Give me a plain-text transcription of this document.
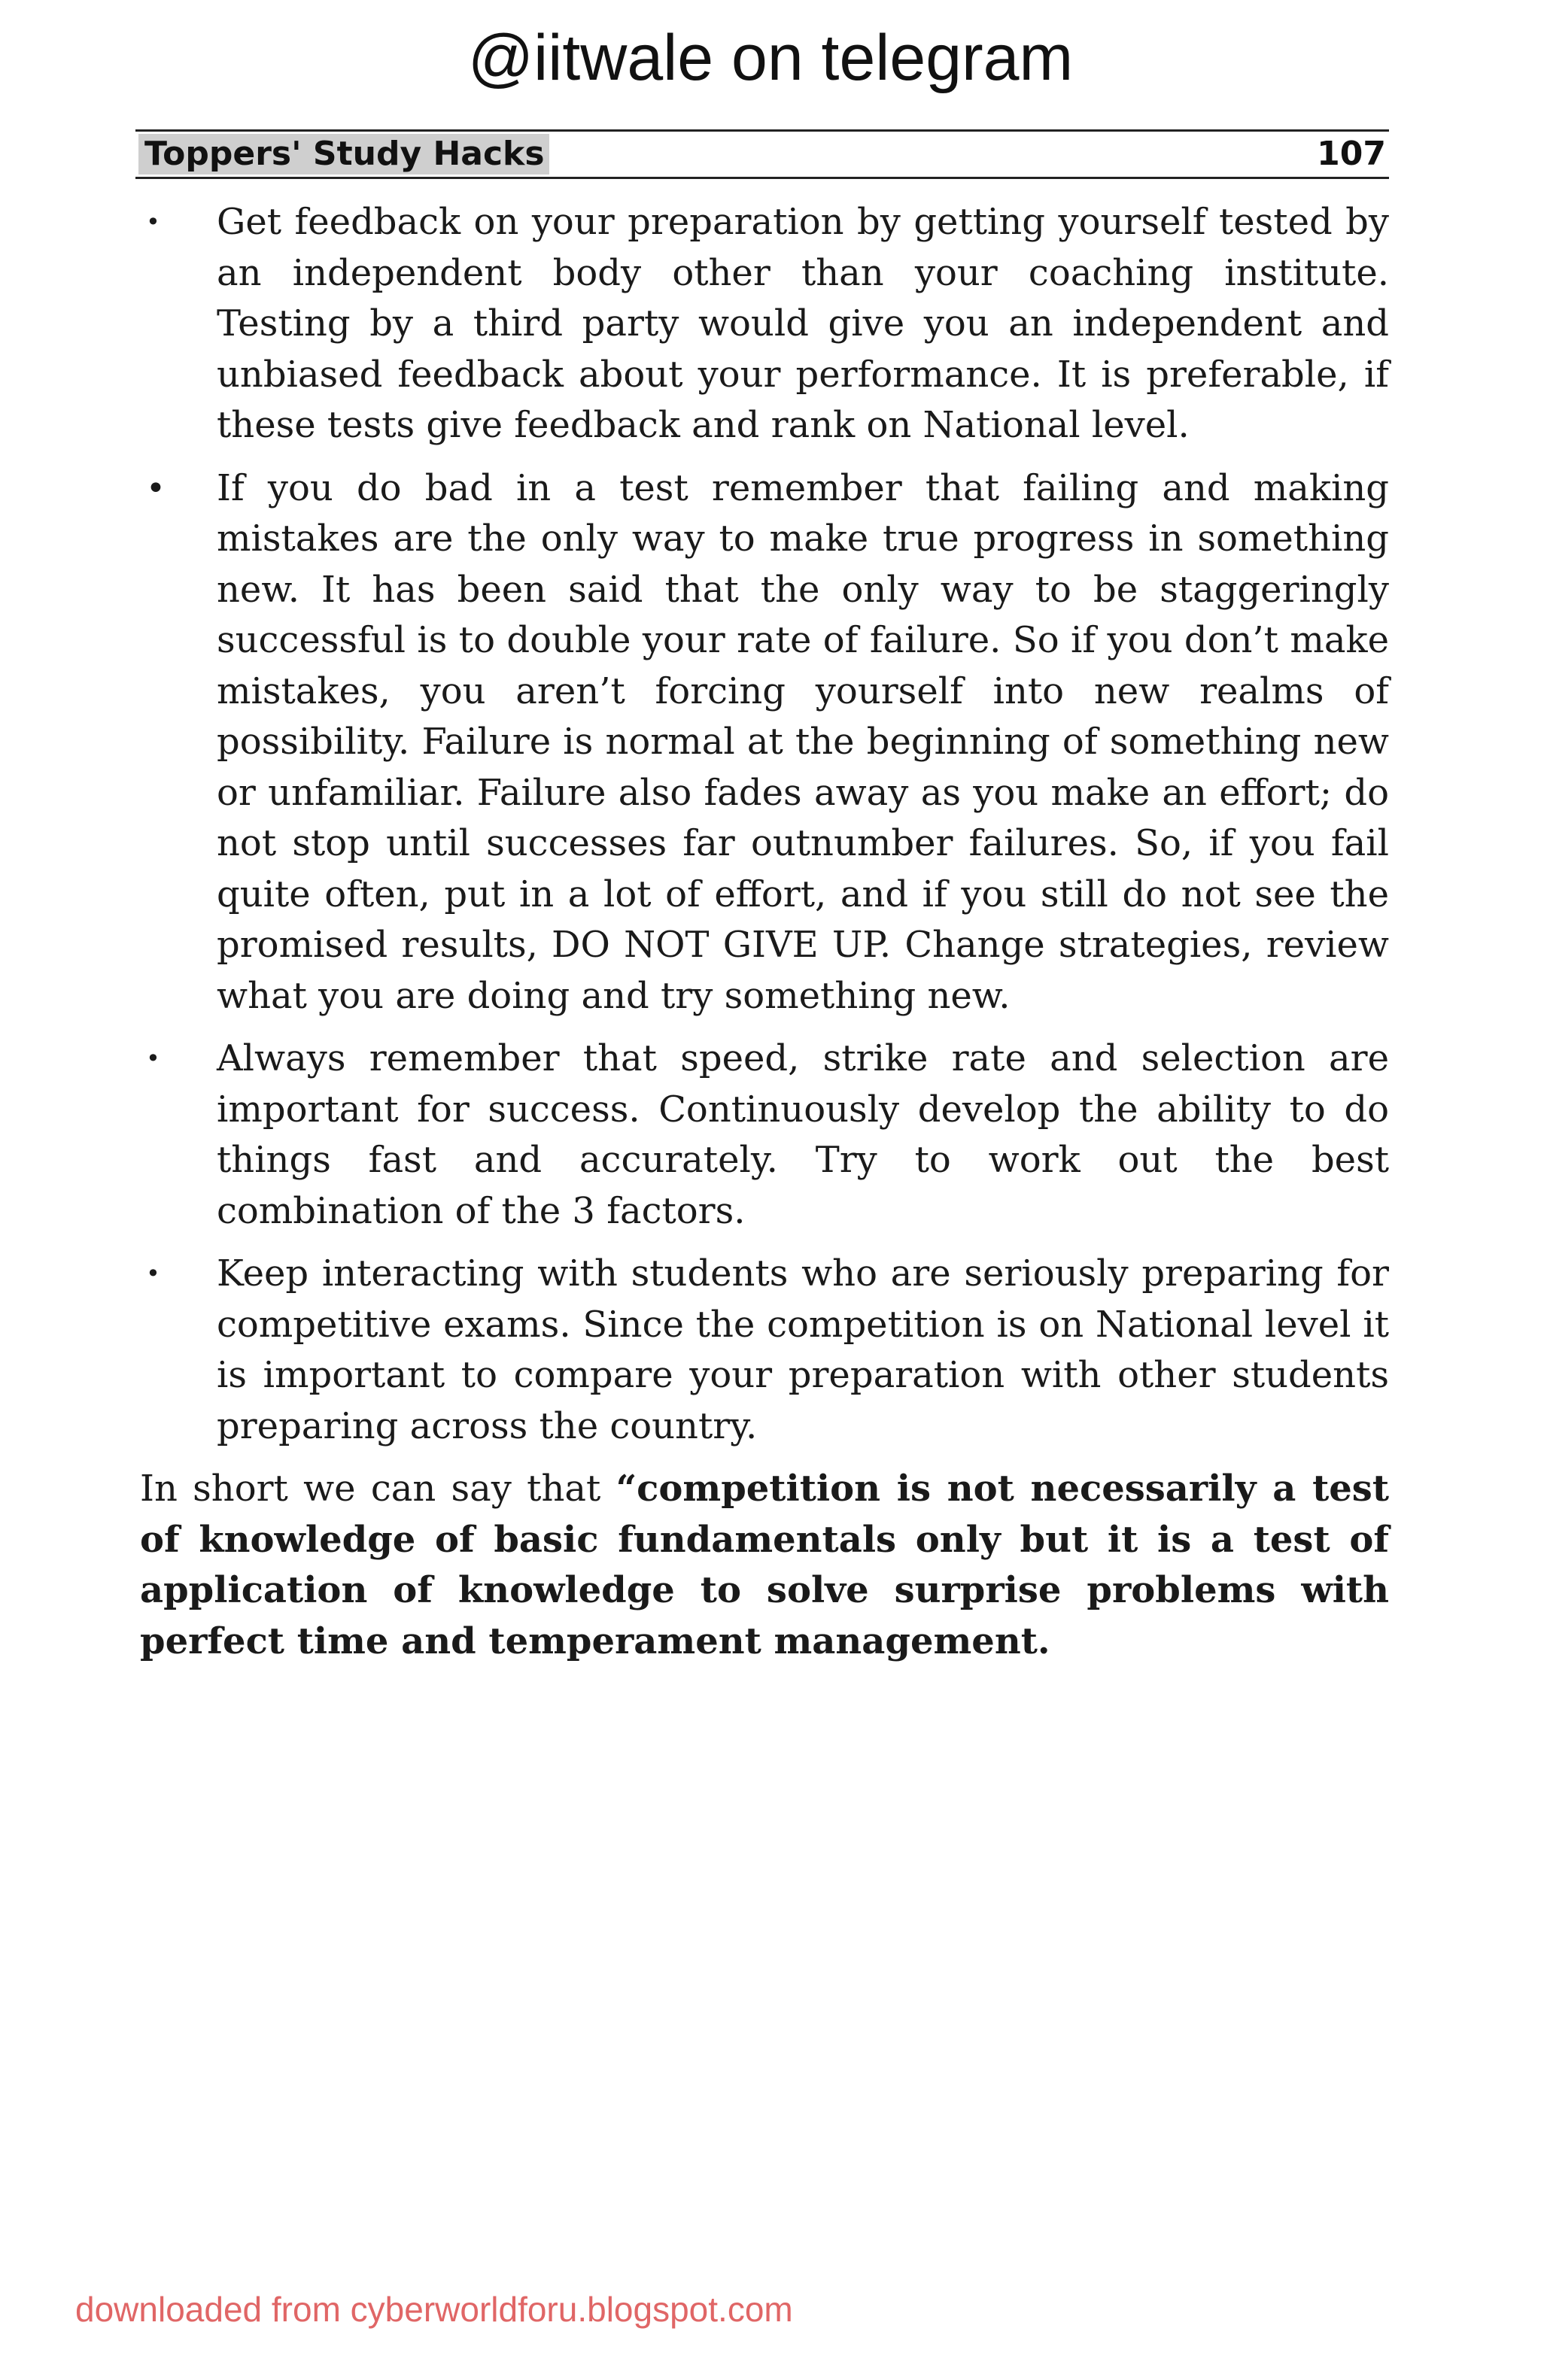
@iitwale on telegram
Toppers' Study Hacks	107
• Get feedback on your preparation by getting yourself tested by an independent body other than your coaching institute. Testing by a third party would give you an independent and unbiased feedback about your performance. It is preferable, if these tests give feedback and rank on National level.
• If you do bad in a test remember that failing and making mistakes are the only way to make true progress in something new. It has been said that the only way to be staggeringly successful is to double your rate of failure. So if you don’t make mistakes, you aren’t forcing yourself into new realms of possibility. Failure is normal at the beginning of something new or unfamiliar. Failure also fades away as you make an effort; do not stop until successes far outnumber failures. So, if you fail quite often, put in a lot of effort, and if you still do not see the promised results, DO NOT GIVE UP. Change strategies, review what you are doing and try something new.
• Always remember that speed, strike rate and selection are important for success. Continuously develop the ability to do things fast and accurately. Try to work out the best combination of the 3 factors.
• Keep interacting with students who are seriously preparing for competitive exams. Since the competition is on National level it is important to compare your preparation with other students preparing across the country.

In short we can say that “competition is not necessarily a test of knowledge of basic fundamentals only but it is a test of application of knowledge to solve surprise problems with perfect time and temperament management.

downloaded from cyberworldforu.blogspot.com
